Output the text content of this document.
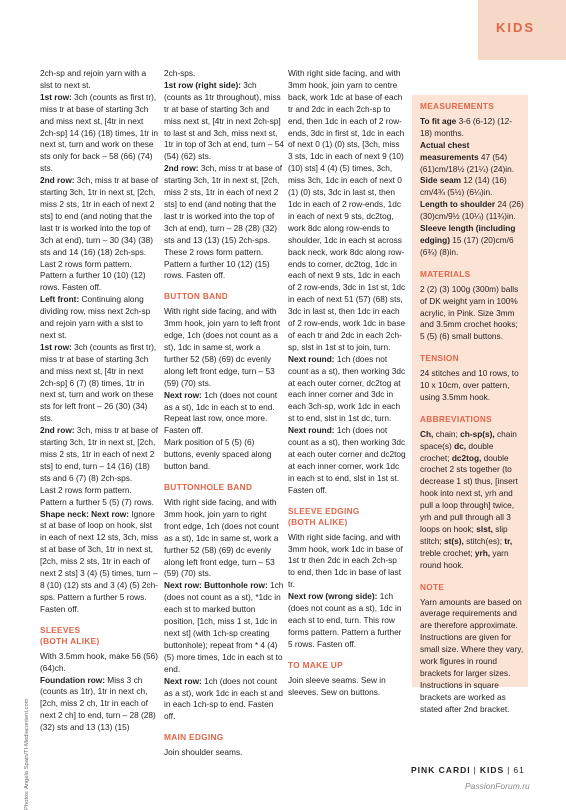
KIDS
2ch-sp and rejoin yarn with a slst to next st.
1st row: 3ch (counts as first tr), miss tr at base of starting 3ch and miss next st, [4tr in next 2ch-sp] 14 (16) (18) times, 1tr in next st, turn and work on these sts only for back – 58 (66) (74) sts.
2nd row: 3ch, miss tr at base of starting 3ch, 1tr in next st, [2ch, miss 2 sts, 1tr in each of next 2 sts] to end (and noting that the last tr is worked into the top of 3ch at end), turn – 30 (34) (38) sts and 14 (16) (18) 2ch-sps.
Last 2 rows form pattern. Pattern a further 10 (10) (12) rows. Fasten off.
Left front: Continuing along dividing row, miss next 2ch-sp and rejoin yarn with a slst to next st.
1st row: 3ch (counts as first tr), miss tr at base of starting 3ch and miss next st, [4tr in next 2ch-sp] 6 (7) (8) times, 1tr in next st, turn and work on these sts for left front – 26 (30) (34) sts.
2nd row: 3ch, miss tr at base of starting 3ch, 1tr in next st, [2ch, miss 2 sts, 1tr in each of next 2 sts] to end, turn – 14 (16) (18) sts and 6 (7) (8) 2ch-sps.
Last 2 rows form pattern. Pattern a further 5 (5) (7) rows.
Shape neck: Next row: Ignore st at base of loop on hook, slst in each of next 12 sts, 3ch, miss st at base of 3ch, 1tr in next st, [2ch, miss 2 sts, 1tr in each of next 2 sts] 3 (4) (5) times, turn – 8 (10) (12) sts and 3 (4) (5) 2ch-sps. Pattern a further 5 rows. Fasten off.
SLEEVES
(BOTH ALIKE)
With 3.5mm hook, make 56 (56) (64)ch.
Foundation row: Miss 3 ch (counts as 1tr), 1tr in next ch, [2ch, miss 2 ch, 1tr in each of next 2 ch] to end, turn – 28 (28) (32) sts and 13 (13) (15)
2ch-sps.
1st row (right side): 3ch (counts as 1tr throughout), miss tr at base of starting 3ch and miss next st, [4tr in next 2ch-sp] to last st and 3ch, miss next st, 1tr in top of 3ch at end, turn – 54 (54) (62) sts.
2nd row: 3ch, miss tr at base of starting 3ch, 1tr in next st, [2ch, miss 2 sts, 1tr in each of next 2 sts] to end (and noting that the last tr is worked into the top of 3ch at end), turn – 28 (28) (32) sts and 13 (13) (15) 2ch-sps.
These 2 rows form pattern. Pattern a further 10 (12) (15) rows. Fasten off.
BUTTON BAND
With right side facing, and with 3mm hook, join yarn to left front edge, 1ch (does not count as a st), 1dc in same st, work a further 52 (58) (69) dc evenly along left front edge, turn – 53 (59) (70) sts.
Next row: 1ch (does not count as a st), 1dc in each st to end. Repeat last row, once more. Fasten off.
Mark position of 5 (5) (6) buttons, evenly spaced along button band.
BUTTONHOLE BAND
With right side facing, and with 3mm hook, join yarn to right front edge, 1ch (does not count as a st), 1dc in same st, work a further 52 (58) (69) dc evenly along left front edge, turn – 53 (59) (70) sts.
Next row: Buttonhole row: 1ch (does not count as a st), *1dc in each st to marked button position, [1ch, miss 1 st, 1dc in next st] (with 1ch-sp creating buttonhole); repeat from * 4 (4) (5) more times, 1dc in each st to end.
Next row: 1ch (does not count as a st), work 1dc in each st and in each 1ch-sp to end. Fasten off.
MAIN EDGING
Join shoulder seams.
With right side facing, and with 3mm hook, join yarn to centre back, work 1dc at base of each tr and 2dc in each 2ch-sp to end, then 1dc in each of 2 row-ends, 3dc in first st, 1dc in each of next 0 (1) (0) sts, [3ch, miss 3 sts, 1dc in each of next 9 (10) (10) sts] 4 (4) (5) times, 3ch, miss 3ch, 1dc in each of next 0 (1) (0) sts, 3dc in last st, then 1dc in each of 2 row-ends, 1dc in each of next 9 sts, dc2tog, work 8dc along row-ends to shoulder, 1dc in each st across back neck, work 8dc along row-ends to corner, dc2tog, 1dc in each of next 9 sts, 1dc in each of 2 row-ends, 3dc in 1st st, 1dc in each of next 51 (57) (68) sts, 3dc in last st, then 1dc in each of 2 row-ends, work 1dc in base of each tr and 2dc in each 2ch-sp, slst in 1st st to join, turn.
Next round: 1ch (does not count as a st), then working 3dc at each outer corner, dc2tog at each inner corner and 3dc in each 3ch-sp, work 1dc in each st to end, slst in 1st dc, turn.
Next round: 1ch (does not count as a st), then working 3dc at each outer corner and dc2tog at each inner corner, work 1dc in each st to end, slst in 1st st. Fasten off.
SLEEVE EDGING
(BOTH ALIKE)
With right side facing, and with 3mm hook, work 1dc in base of 1st tr then 2dc in each 2ch-sp to end, then 1dc in base of last tr.
Next row (wrong side): 1ch (does not count as a st), 1dc in each st to end, turn. This row forms pattern. Pattern a further 5 rows. Fasten off.
TO MAKE UP
Join sleeve seams. Sew in sleeves. Sew on buttons.
MEASUREMENTS
To fit age 3-6 (6-12) (12-18) months.
Actual chest measurements 47 (54) (61)cm/18½ (21¼) (24)in.
Side seam 12 (14) (16) cm/4¾ (5½) (6¼)in.
Length to shoulder 24 (26) (30)cm/9½ (10¼) (11¾)in.
Sleeve length (including edging) 15 (17) (20)cm/6 (6¾) (8)in.
MATERIALS
2 (2) (3) 100g (300m) balls of DK weight yarn in 100% acrylic, in Pink. Size 3mm and 3.5mm crochet hooks; 5 (5) (6) small buttons.
TENSION
24 stitches and 10 rows, to 10 x 10cm, over pattern, using 3.5mm hook.
ABBREVIATIONS
Ch, chain; ch-sp(s), chain space(s) dc, double crochet; dc2tog, double crochet 2 sts together (to decrease 1 st) thus, [insert hook into next st, yrh and pull a loop through] twice, yrh and pull through all 3 loops on hook; slst, slip stitch; st(s), stitch(es); tr, treble crochet; yrh, yarn round hook.
NOTE
Yarn amounts are based on average requirements and are therefore approximate. Instructions are given for small size. Where they vary, work figures in round brackets for larger sizes. Instructions in square brackets are worked as stated after 2nd bracket.
Photos: Angela Spain/TI-Mediacontent.com	PINK CARDI | KIDS | 61
PassionForum.ru
